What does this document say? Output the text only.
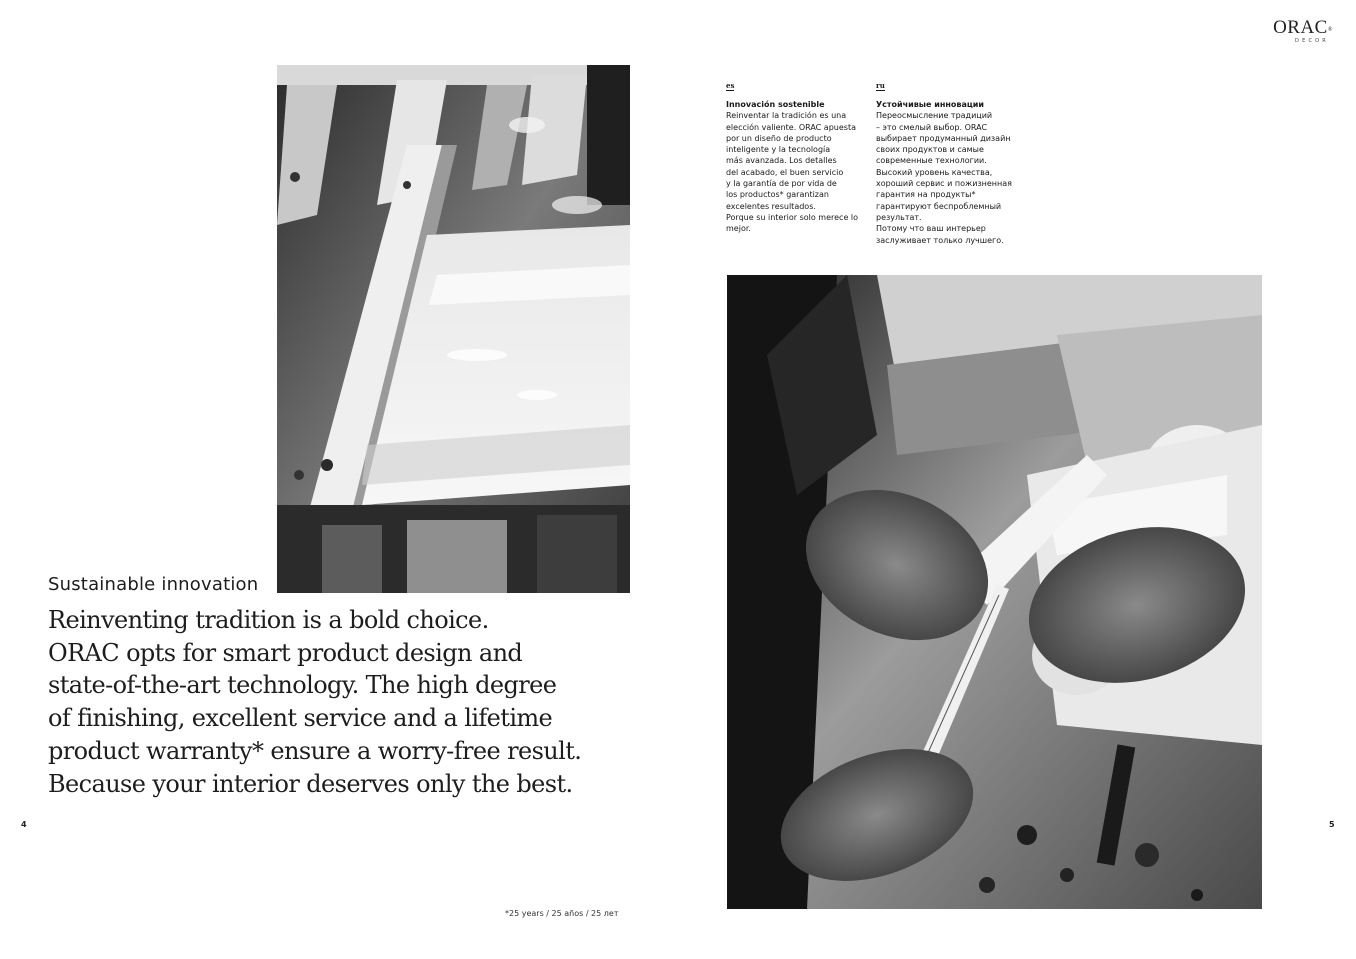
ORAC®
DECOR
Sustainable innovation
Reinventing tradition is a bold choice.
ORAC opts for smart product design and
state-of-the-art technology. The high degree
of finishing, excellent service and a lifetime
product warranty* ensure a worry-free result.
Because your interior deserves only the best.
4	5
*25 years / 25 años / 25 лет
es
Innovación sostenible
Reinventar la tradición es una
elección valiente. ORAC apuesta
por un diseño de producto
inteligente y la tecnología
más avanzada. Los detalles
del acabado, el buen servicio
y la garantía de por vida de
los productos* garantizan
excelentes resultados.
Porque su interior solo merece lo
mejor.
ru
Устойчивые инновации
Переосмысление традиций
– это смелый выбор. ORAC
выбирает продуманный дизайн
своих продуктов и самые
современные технологии.
Высокий уровень качества,
хороший сервис и пожизненная
гарантия на продукты*
гарантируют беспроблемный
результат.
Потому что ваш интерьер
заслуживает только лучшего.
